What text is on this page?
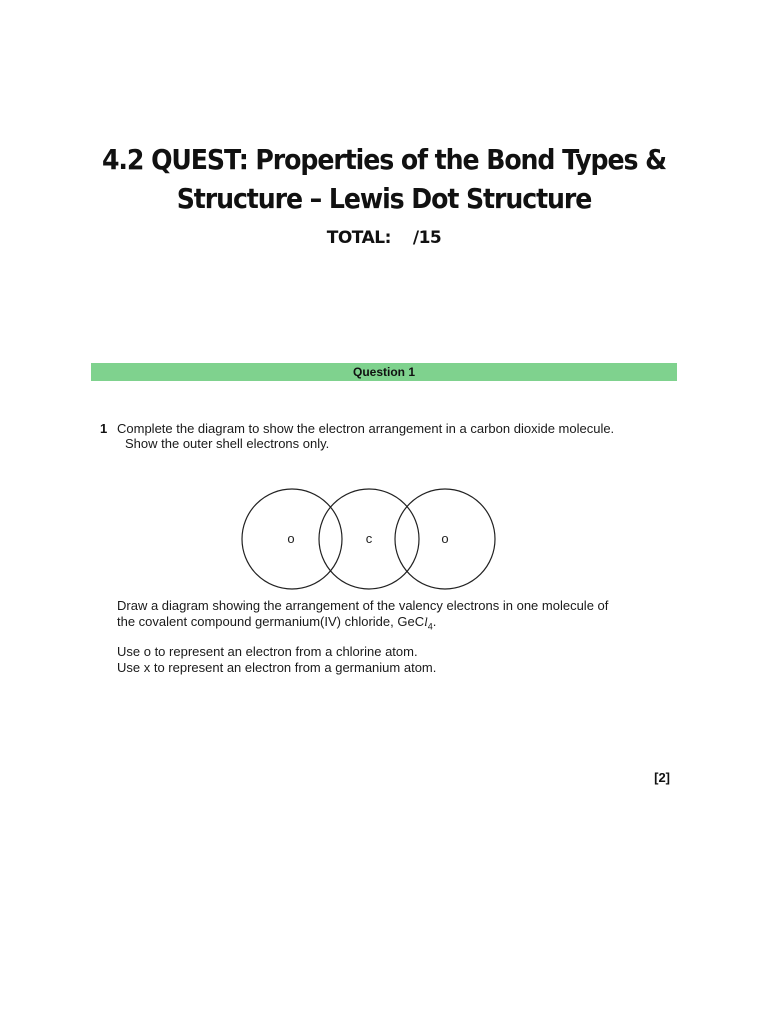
4.2 QUEST: Properties of the Bond Types &
Structure – Lewis Dot Structure
TOTAL: /15
Question 1
1 Complete the diagram to show the electron arrangement in a carbon dioxide molecule.
Show the outer shell electrons only.
o	c	o
Draw a diagram showing the arrangement of the valency electrons in one molecule of
the covalent compound germanium(IV) chloride, GeCl$_4$.
Use o to represent an electron from a chlorine atom.
Use x to represent an electron from a germanium atom.
[2]
